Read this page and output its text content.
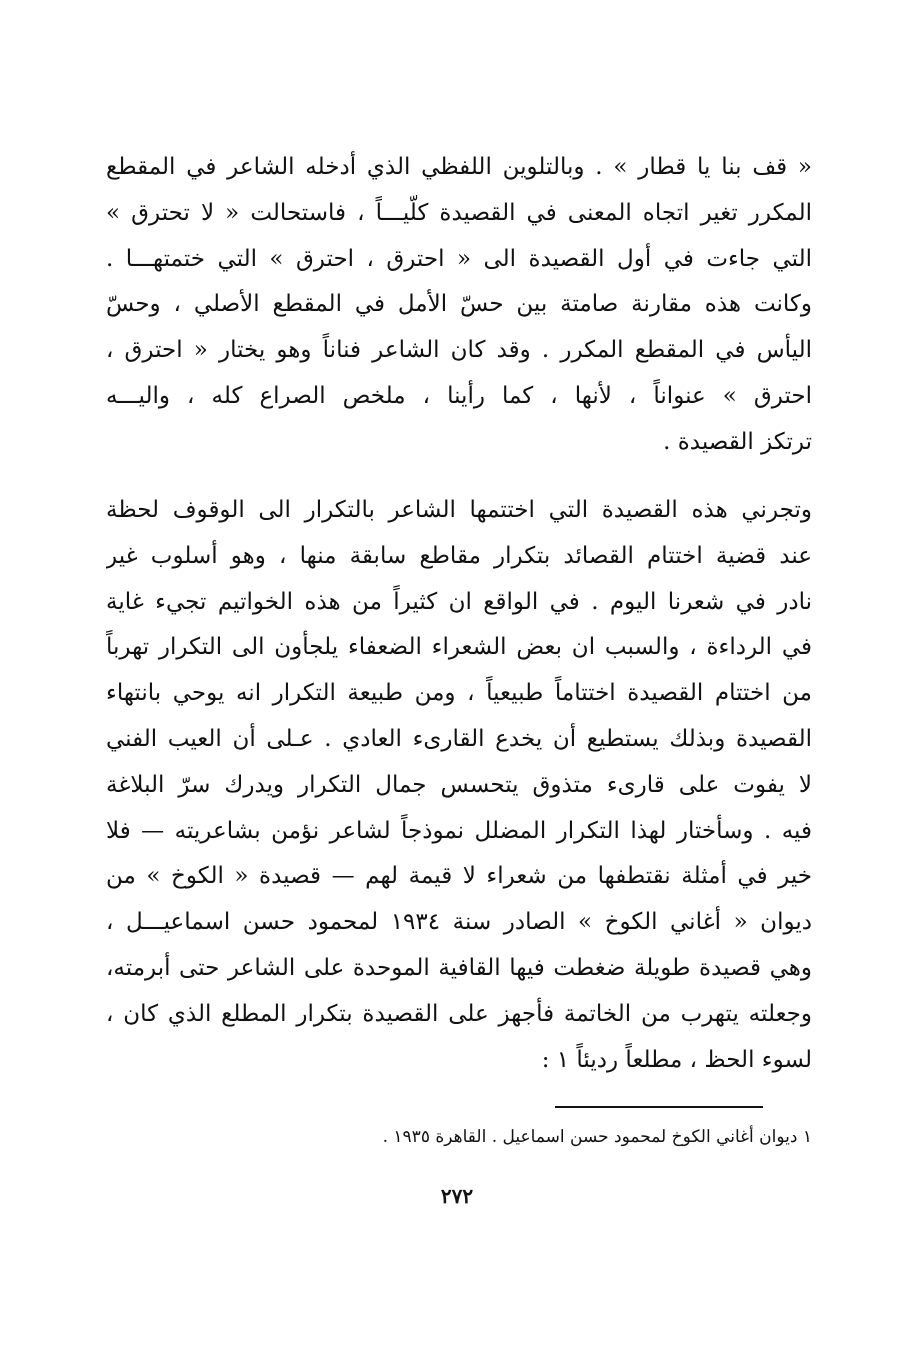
« قف بنا يا قطار » . وبالتلوين اللفظي الذي أدخله الشاعر في المقطع
المكرر تغير اتجاه المعنى في القصيدة كلّيـــاً ، فاستحالت « لا تحترق »
التي جاءت في أول القصيدة الى « احترق ، احترق » التي ختمتهـــا .
وكانت هذه مقارنة صامتة بين حسّ الأمل في المقطع الأصلي ، وحسّ
اليأس في المقطع المكرر . وقد كان الشاعر فناناً وهو يختار « احترق ،
احترق » عنواناً ، لأنها ، كما رأينا ، ملخص الصراع كله ، واليـــه
ترتكز القصيدة .
وتجرني هذه القصيدة التي اختتمها الشاعر بالتكرار الى الوقوف لحظة
عند قضية اختتام القصائد بتكرار مقاطع سابقة منها ، وهو أسلوب غير
نادر في شعرنا اليوم . في الواقع ان كثيراً من هذه الخواتيم تجيء غاية
في الرداءة ، والسبب ان بعض الشعراء الضعفاء يلجأون الى التكرار تهرباً
من اختتام القصيدة اختتاماً طبيعياً ، ومن طبيعة التكرار انه يوحي بانتهاء
القصيدة وبذلك يستطيع أن يخدع القارىء العادي . عـلى أن العيب الفني
لا يفوت على قارىء متذوق يتحسس جمال التكرار ويدرك سرّ البلاغة
فيه . وسأختار لهذا التكرار المضلل نموذجاً لشاعر نؤمن بشاعريته — فلا
خير في أمثلة نقتطفها من شعراء لا قيمة لهم — قصيدة « الكوخ » من
ديوان « أغاني الكوخ » الصادر سنة ١٩٣٤ لمحمود حسن اسماعيـــل ،
وهي قصيدة طويلة ضغطت فيها القافية الموحدة على الشاعر حتى أبرمته،
وجعلته يتهرب من الخاتمة فأجهز على القصيدة بتكرار المطلع الذي كان ،
لسوء الحظ ، مطلعاً رديئاً ١ :
١ ديوان أغاني الكوخ لمحمود حسن اسماعيل . القاهرة ١٩٣٥ .
٢٧٢
